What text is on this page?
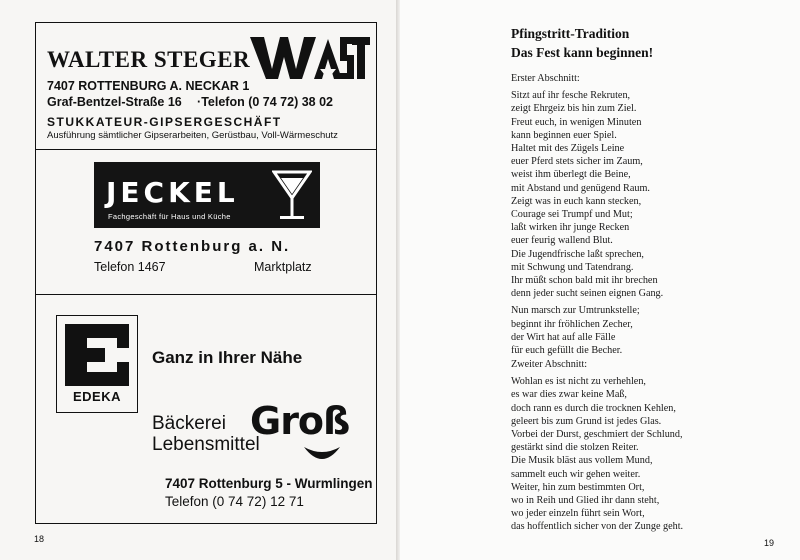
WALTER STEGER
WAST
7407 ROTTENBURG A. NECKAR 1
Graf-Bentzel-Straße 16 · Telefon (0 74 72) 38 02
STUKKATEUR-GIPSERGESCHÄFT
Ausführung sämtlicher Gipserarbeiten, Gerüstbau, Voll-Wärmeschutz
JECKEL
Fachgeschäft für Haus und Küche
7407 Rottenburg a. N.
Telefon 1467	Marktplatz
EDEKA
Ganz in Ihrer Nähe
Bäckerei
Lebensmittel
Groß
7407 Rottenburg 5 - Wurmlingen
Telefon (0 74 72) 12 71
18
Pfingstritt-Tradition
Das Fest kann beginnen!
Erster Abschnitt:
Sitzt auf ihr fesche Rekruten,
zeigt Ehrgeiz bis hin zum Ziel.
Freut euch, in wenigen Minuten
kann beginnen euer Spiel.
Haltet mit des Zügels Leine
euer Pferd stets sicher im Zaum,
weist ihm überlegt die Beine,
mit Abstand und genügend Raum.
Zeigt was in euch kann stecken,
Courage sei Trumpf und Mut;
laßt wirken ihr junge Recken
euer feurig wallend Blut.
Die Jugendfrische laßt sprechen,
mit Schwung und Tatendrang.
Ihr müßt schon bald mit ihr brechen
denn jeder sucht seinen eignen Gang.
Nun marsch zur Umtrunkstelle;
beginnt ihr fröhlichen Zecher,
der Wirt hat auf alle Fälle
für euch gefüllt die Becher.
Zweiter Abschnitt:
Wohlan es ist nicht zu verhehlen,
es war dies zwar keine Maß,
doch rann es durch die trocknen Kehlen,
geleert bis zum Grund ist jedes Glas.
Vorbei der Durst, geschmiert der Schlund,
gestärkt sind die stolzen Reiter.
Die Musik bläst aus vollem Mund,
sammelt euch wir gehen weiter.
Weiter, hin zum bestimmten Ort,
wo in Reih und Glied ihr dann steht,
wo jeder einzeln führt sein Wort,
das hoffentlich sicher von der Zunge geht.
19
